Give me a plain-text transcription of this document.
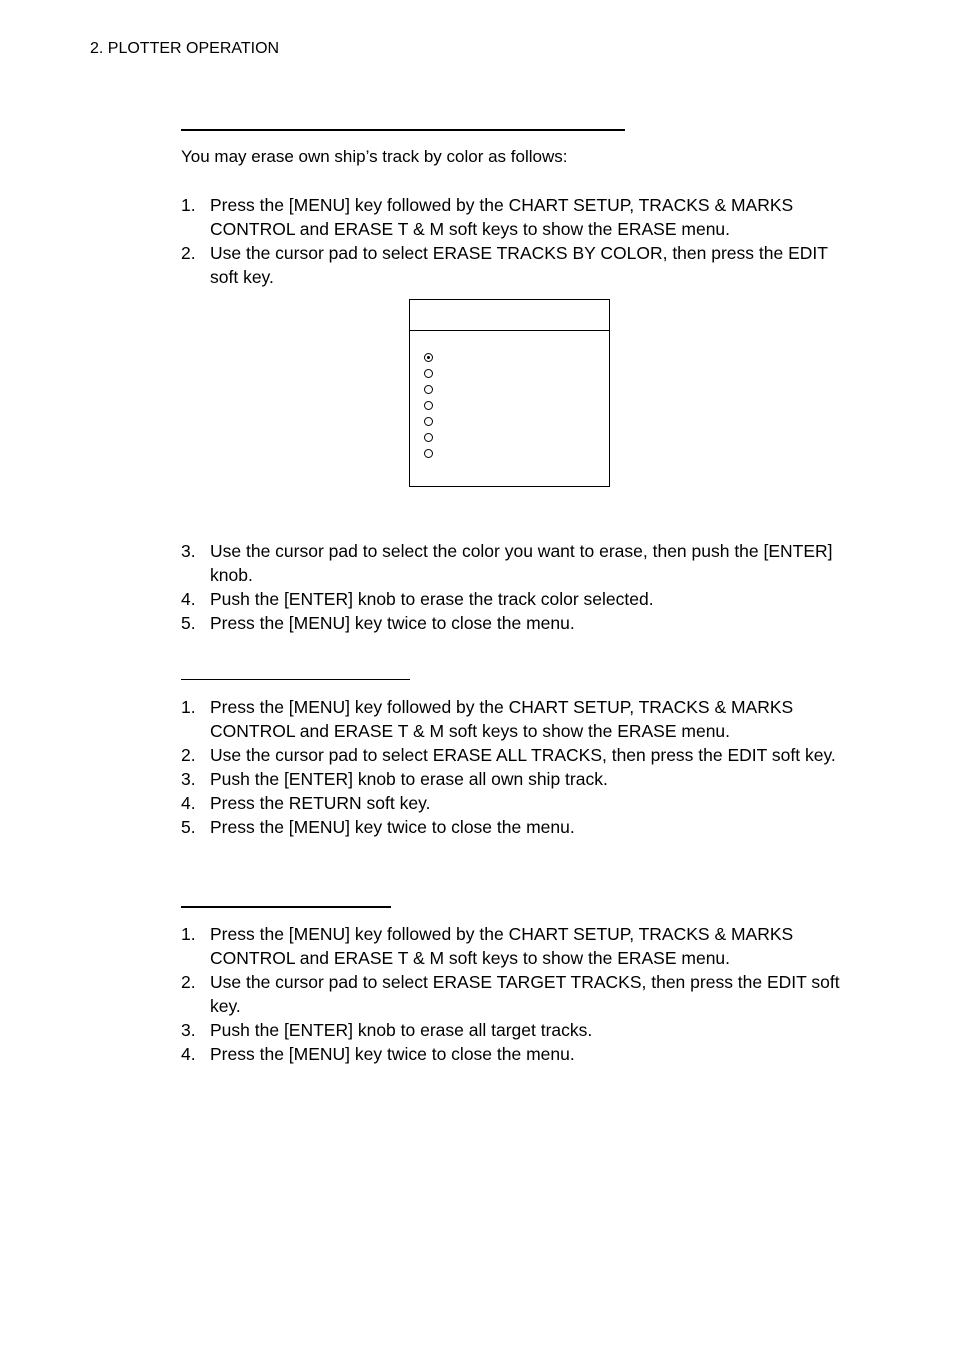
2. PLOTTER OPERATION
You may erase own ship’s track by color as follows:
1. Press the [MENU] key followed by the CHART SETUP, TRACKS & MARKS CONTROL and ERASE T & M soft keys to show the ERASE menu.
2. Use the cursor pad to select ERASE TRACKS BY COLOR, then press the EDIT soft key.
3. Use the cursor pad to select the color you want to erase, then push the [ENTER] knob.
4. Push the [ENTER] knob to erase the track color selected.
5. Press the [MENU] key twice to close the menu.
1. Press the [MENU] key followed by the CHART SETUP, TRACKS & MARKS CONTROL and ERASE T & M soft keys to show the ERASE menu.
2. Use the cursor pad to select ERASE ALL TRACKS, then press the EDIT soft key.
3. Push the [ENTER] knob to erase all own ship track.
4. Press the RETURN soft key.
5. Press the [MENU] key twice to close the menu.
1. Press the [MENU] key followed by the CHART SETUP, TRACKS & MARKS CONTROL and ERASE T & M soft keys to show the ERASE menu.
2. Use the cursor pad to select ERASE TARGET TRACKS, then press the EDIT soft key.
3. Push the [ENTER] knob to erase all target tracks.
4. Press the [MENU] key twice to close the menu.
